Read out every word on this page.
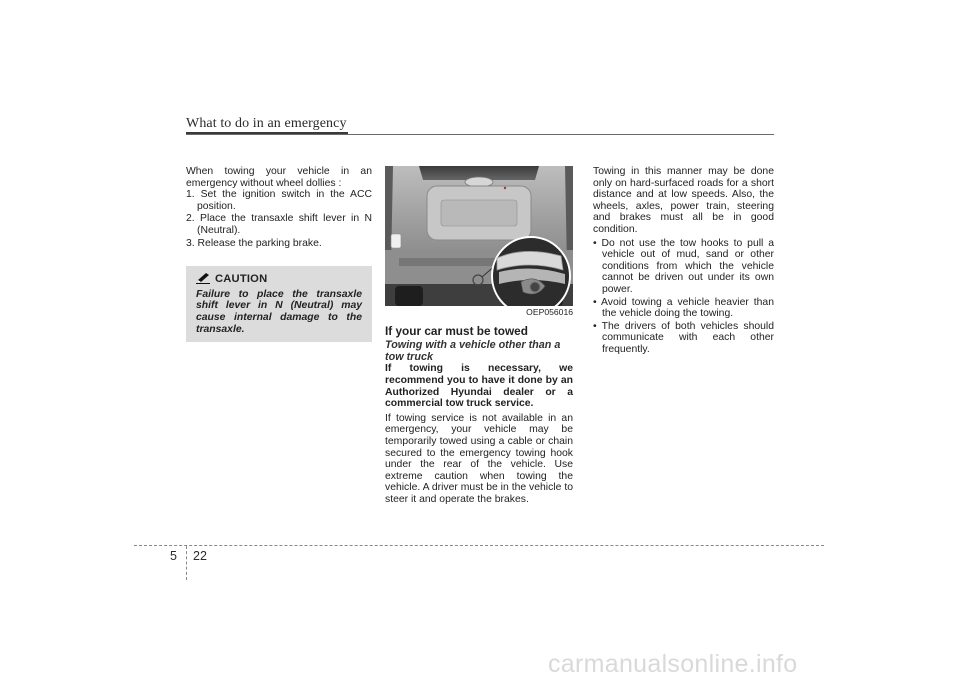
What to do in an emergency

When towing your vehicle in an emergency without wheel dollies :

1. Set the ignition switch in the ACC position.
2. Place the transaxle shift lever in N (Neutral).
3. Release the parking brake.
CAUTION

Failure to place the transaxle shift lever in N (Neutral) may cause internal damage to the transaxle.

OEP056016
If your car must be towed
Towing with a vehicle other than a tow truck

If towing is necessary, we recommend you to have it done by an Authorized Hyundai dealer or a commercial tow truck service.

If towing service is not available in an emergency, your vehicle may be temporarily towed using a cable or chain secured to the emergency towing hook under the rear of the vehicle. Use extreme caution when towing the vehicle. A driver must be in the vehicle to steer it and operate the brakes.

Towing in this manner may be done only on hard-surfaced roads for a short distance and at low speeds. Also, the wheels, axles, power train, steering and brakes must all be in good condition.

• Do not use the tow hooks to pull a vehicle out of mud, sand or other conditions from which the vehicle cannot be driven out under its own power.
• Avoid towing a vehicle heavier than the vehicle doing the towing.
• The drivers of both vehicles should communicate with each other frequently.
5 22
carmanualsonline.info
